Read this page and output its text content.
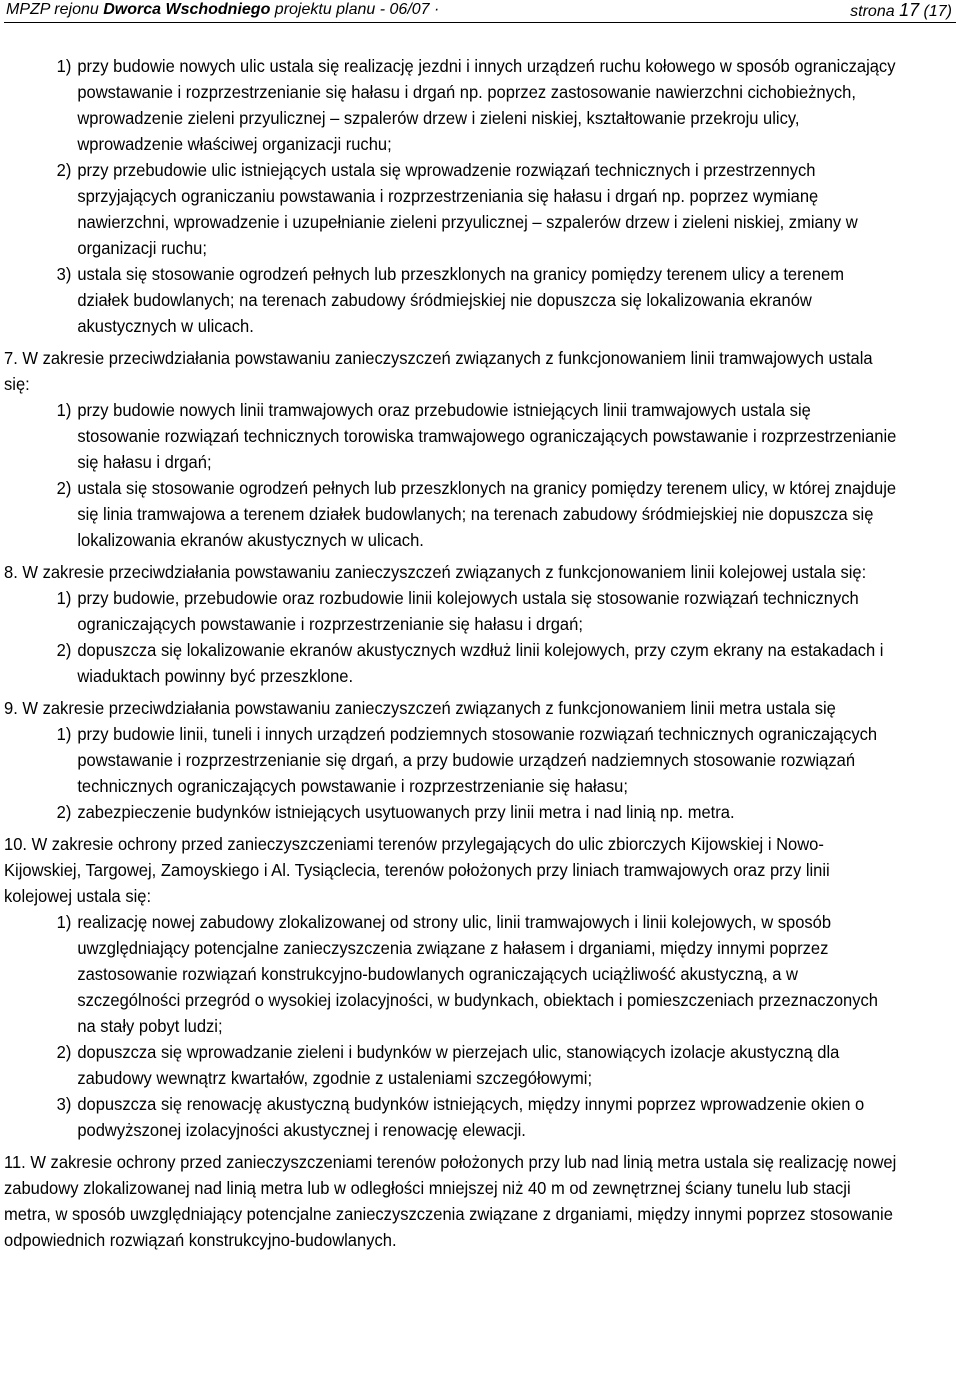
MPZP rejonu Dworca Wschodniego projektu planu - 06/07 ·	strona 17 (17)
1) przy budowie nowych ulic ustala się realizację jezdni i innych urządzeń ruchu kołowego w sposób ograniczający powstawanie i rozprzestrzenianie się hałasu i drgań np. poprzez zastosowanie nawierzchni cichobieżnych, wprowadzenie zieleni przyulicznej – szpalerów drzew i zieleni niskiej, kształtowanie przekroju ulicy, wprowadzenie właściwej organizacji ruchu;
2) przy przebudowie ulic istniejących ustala się wprowadzenie rozwiązań technicznych i przestrzennych sprzyjających ograniczaniu powstawania i rozprzestrzeniania się hałasu i drgań np. poprzez wymianę nawierzchni, wprowadzenie i uzupełnianie zieleni przyulicznej – szpalerów drzew i zieleni niskiej, zmiany w organizacji ruchu;
3) ustala się stosowanie ogrodzeń pełnych lub przeszklonych na granicy pomiędzy terenem ulicy a terenem działek budowlanych; na terenach zabudowy śródmiejskiej nie dopuszcza się lokalizowania ekranów akustycznych w ulicach.

7. W zakresie przeciwdziałania powstawaniu zanieczyszczeń związanych z funkcjonowaniem linii tramwajowych ustala się:

1) przy budowie nowych linii tramwajowych oraz przebudowie istniejących linii tramwajowych ustala się stosowanie rozwiązań technicznych torowiska tramwajowego ograniczających powstawanie i rozprzestrzenianie się hałasu i drgań;
2) ustala się stosowanie ogrodzeń pełnych lub przeszklonych na granicy pomiędzy terenem ulicy, w której znajduje się linia tramwajowa a terenem działek budowlanych; na terenach zabudowy śródmiejskiej nie dopuszcza się lokalizowania ekranów akustycznych w ulicach.

8. W zakresie przeciwdziałania powstawaniu zanieczyszczeń związanych z funkcjonowaniem linii kolejowej ustala się:

1) przy budowie, przebudowie oraz rozbudowie linii kolejowych ustala się stosowanie rozwiązań technicznych ograniczających powstawanie i rozprzestrzenianie się hałasu i drgań;
2) dopuszcza się lokalizowanie ekranów akustycznych wzdłuż linii kolejowych, przy czym ekrany na estakadach i wiaduktach powinny być przeszklone.

9. W zakresie przeciwdziałania powstawaniu zanieczyszczeń związanych z funkcjonowaniem linii metra ustala się

1) przy budowie linii, tuneli i innych urządzeń podziemnych stosowanie rozwiązań technicznych ograniczających powstawanie i rozprzestrzenianie się drgań, a przy budowie urządzeń nadziemnych stosowanie rozwiązań technicznych ograniczających powstawanie i rozprzestrzenianie się hałasu;
2) zabezpieczenie budynków istniejących usytuowanych przy linii metra i nad linią np. metra.

10. W zakresie ochrony przed zanieczyszczeniami terenów przylegających do ulic zbiorczych Kijowskiej i Nowo-Kijowskiej, Targowej, Zamoyskiego i Al. Tysiąclecia, terenów położonych przy liniach tramwajowych oraz przy linii kolejowej ustala się:

1) realizację nowej zabudowy zlokalizowanej od strony ulic, linii tramwajowych i linii kolejowych, w sposób uwzględniający potencjalne zanieczyszczenia związane z hałasem i drganiami, między innymi poprzez zastosowanie rozwiązań konstrukcyjno-budowlanych ograniczających uciążliwość akustyczną, a w szczególności przegród o wysokiej izolacyjności, w budynkach, obiektach i pomieszczeniach przeznaczonych na stały pobyt ludzi;
2) dopuszcza się wprowadzanie zieleni i budynków w pierzejach ulic, stanowiących izolacje akustyczną dla zabudowy wewnątrz kwartałów, zgodnie z ustaleniami szczegółowymi;
3) dopuszcza się renowację akustyczną budynków istniejących, między innymi poprzez wprowadzenie okien o podwyższonej izolacyjności akustycznej i renowację elewacji.

11. W zakresie ochrony przed zanieczyszczeniami terenów położonych przy lub nad linią metra ustala się realizację nowej zabudowy zlokalizowanej nad linią metra lub w odległości mniejszej niż 40 m od zewnętrznej ściany tunelu lub stacji metra, w sposób uwzględniający potencjalne zanieczyszczenia związane z drganiami, między innymi poprzez stosowanie odpowiednich rozwiązań konstrukcyjno-budowlanych.
